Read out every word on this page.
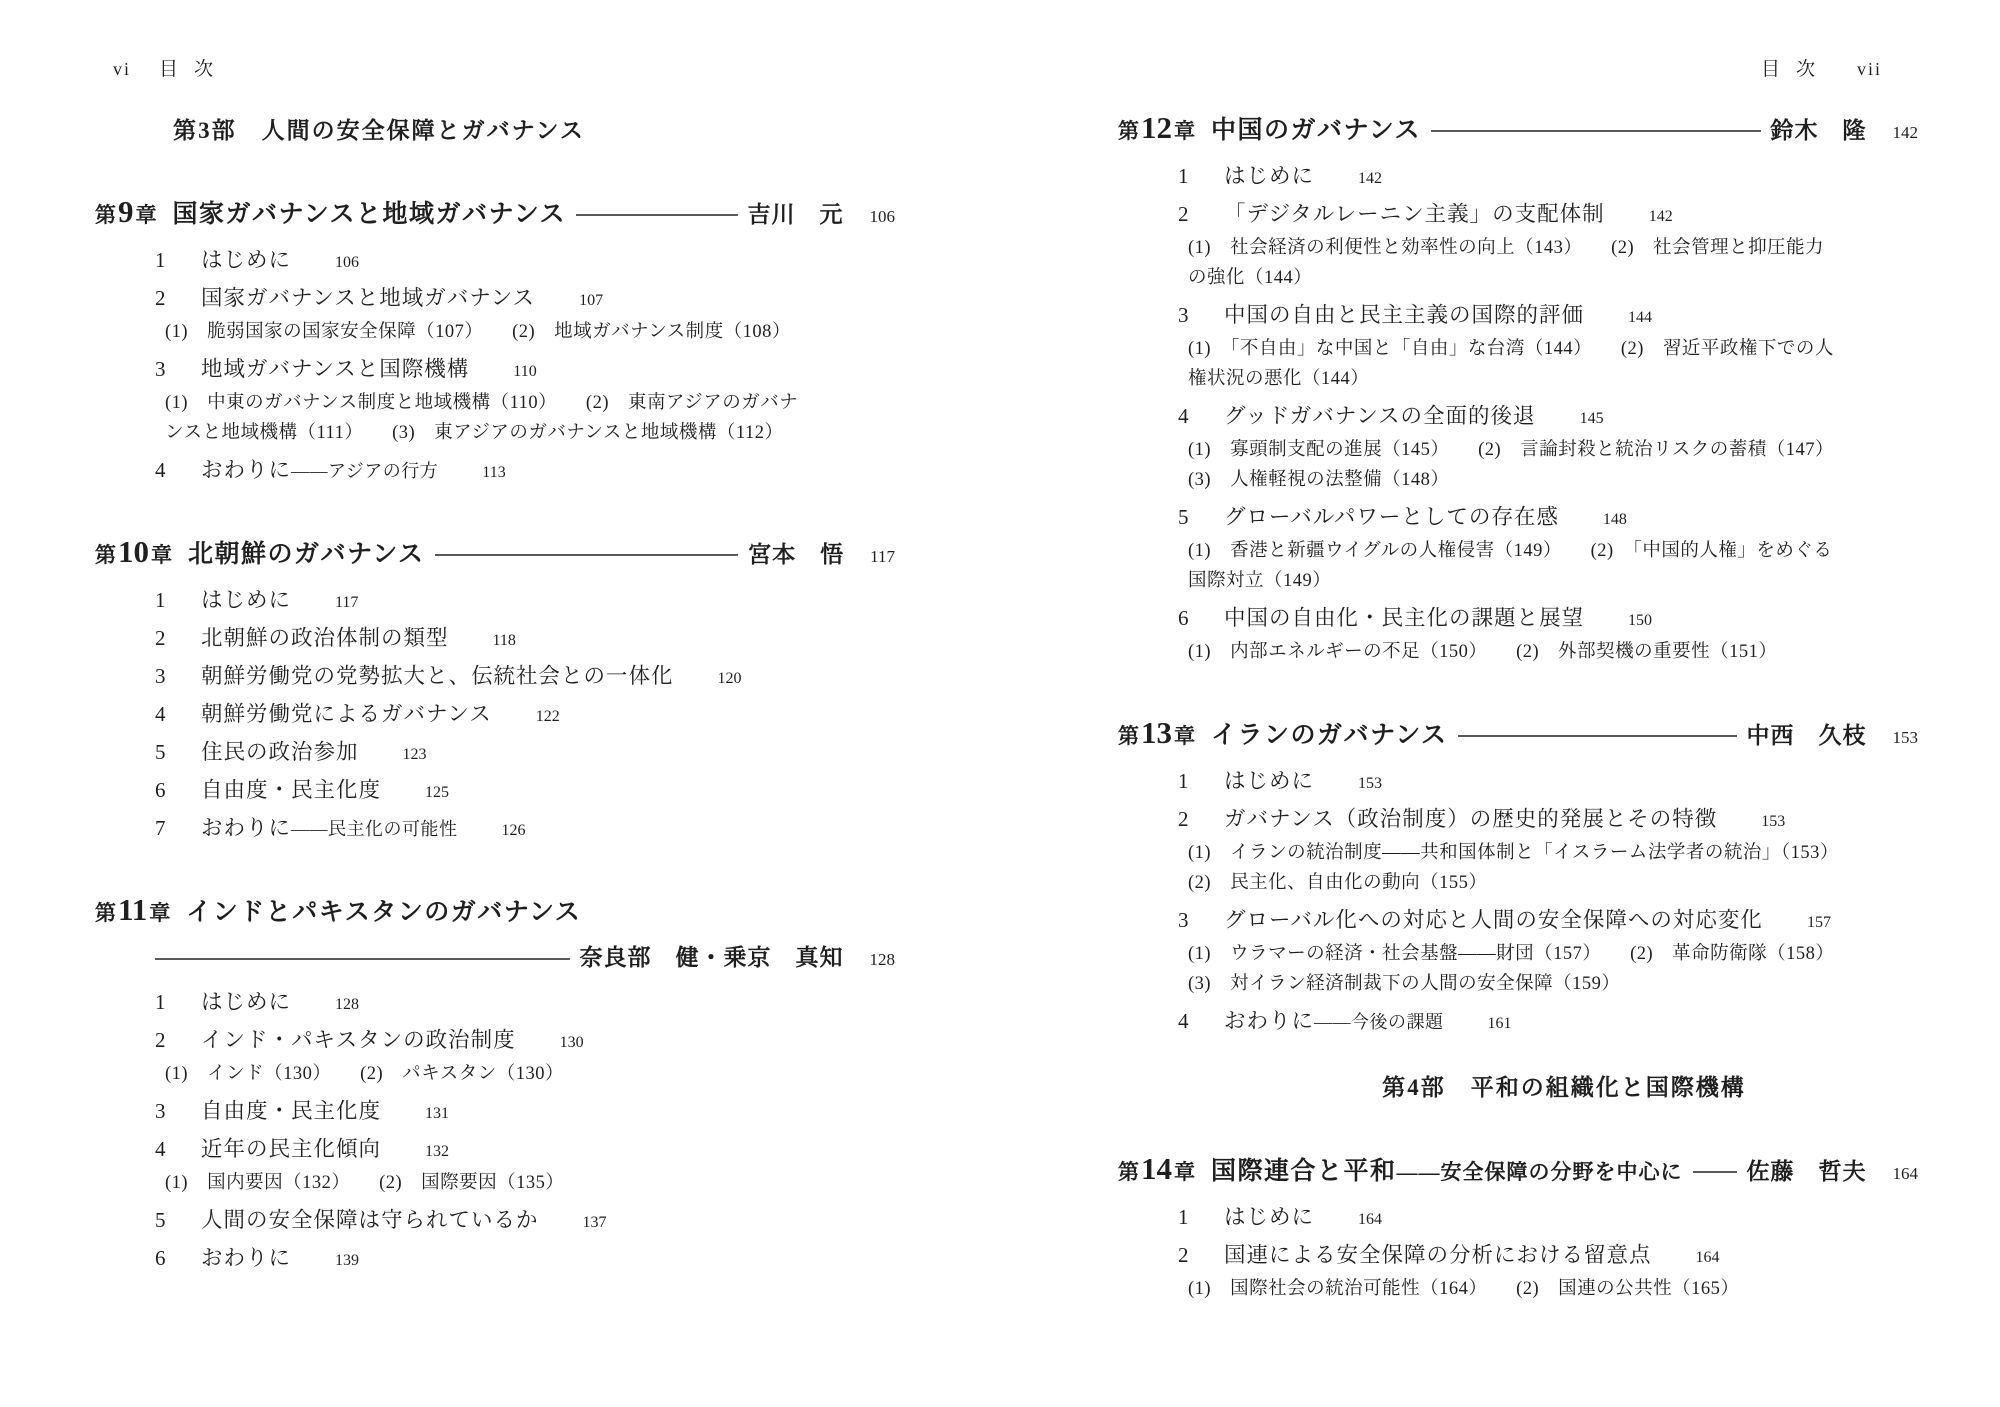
vi 目次
第3部　人間の安全保障とガバナンス
第9章 国家ガバナンスと地域ガバナンス	吉川　元 106
1	はじめに	106
2	国家ガバナンスと地域ガバナンス	107
(1)　脆弱国家の国家安全保障（107）　　(2)　地域ガバナンス制度（108）
3	地域ガバナンスと国際機構	110
(1)　中東のガバナンス制度と地域機構（110）　　(2)　東南アジアのガバナ
ンスと地域機構（111）　　(3)　東アジアのガバナンスと地域機構（112）
4	おわりに ——アジアの行方	113
第10章 北朝鮮のガバナンス	宮本　悟 117
1	はじめに	117
2	北朝鮮の政治体制の類型	118
3	朝鮮労働党の党勢拡大と、伝統社会との一体化	120
4	朝鮮労働党によるガバナンス	122
5	住民の政治参加	123
6	自由度・民主化度	125
7	おわりに ——民主化の可能性	126
第11章 インドとパキスタンのガバナンス
奈良部　健・乗京　真知 128
1	はじめに	128
2	インド・パキスタンの政治制度	130
(1)　インド（130）　　(2)　パキスタン（130）
3	自由度・民主化度	131
4	近年の民主化傾向	132
(1)　国内要因（132）　　(2)　国際要因（135）
5	人間の安全保障は守られているか	137
6	おわりに	139
目次 vii
第12章 中国のガバナンス	鈴木　隆 142
1	はじめに	142
2	「デジタルレーニン主義」の支配体制	142
(1)　社会経済の利便性と効率性の向上（143）　　(2)　社会管理と抑圧能力
の強化（144）
3	中国の自由と民主主義の国際的評価	144
(1)　「不自由」な中国と「自由」な台湾（144）　　(2)　習近平政権下での人
権状況の悪化（144）
4	グッドガバナンスの全面的後退	145
(1)　寡頭制支配の進展（145）　　(2)　言論封殺と統治リスクの蓄積（147）
(3)　人権軽視の法整備（148）
5	グローバルパワーとしての存在感	148
(1)　香港と新疆ウイグルの人権侵害（149）　　(2)　「中国的人権」をめぐる
国際対立（149）
6	中国の自由化・民主化の課題と展望	150
(1)　内部エネルギーの不足（150）　　(2)　外部契機の重要性（151）
第13章 イランのガバナンス	中西　久枝 153
1	はじめに	153
2	ガバナンス（政治制度）の歴史的発展とその特徴	153
(1)　イランの統治制度——共和国体制と「イスラーム法学者の統治」（153）
(2)　民主化、自由化の動向（155）
3	グローバル化への対応と人間の安全保障への対応変化	157
(1)　ウラマーの経済・社会基盤——財団（157）　　(2)　革命防衛隊（158）
(3)　対イラン経済制裁下の人間の安全保障（159）
4	おわりに ——今後の課題	161
第4部　平和の組織化と国際機構
第14章 国際連合と平和 ——安全保障の分野を中心に	佐藤　哲夫 164
1	はじめに	164
2	国連による安全保障の分析における留意点	164
(1)　国際社会の統治可能性（164）　　(2)　国連の公共性（165）
